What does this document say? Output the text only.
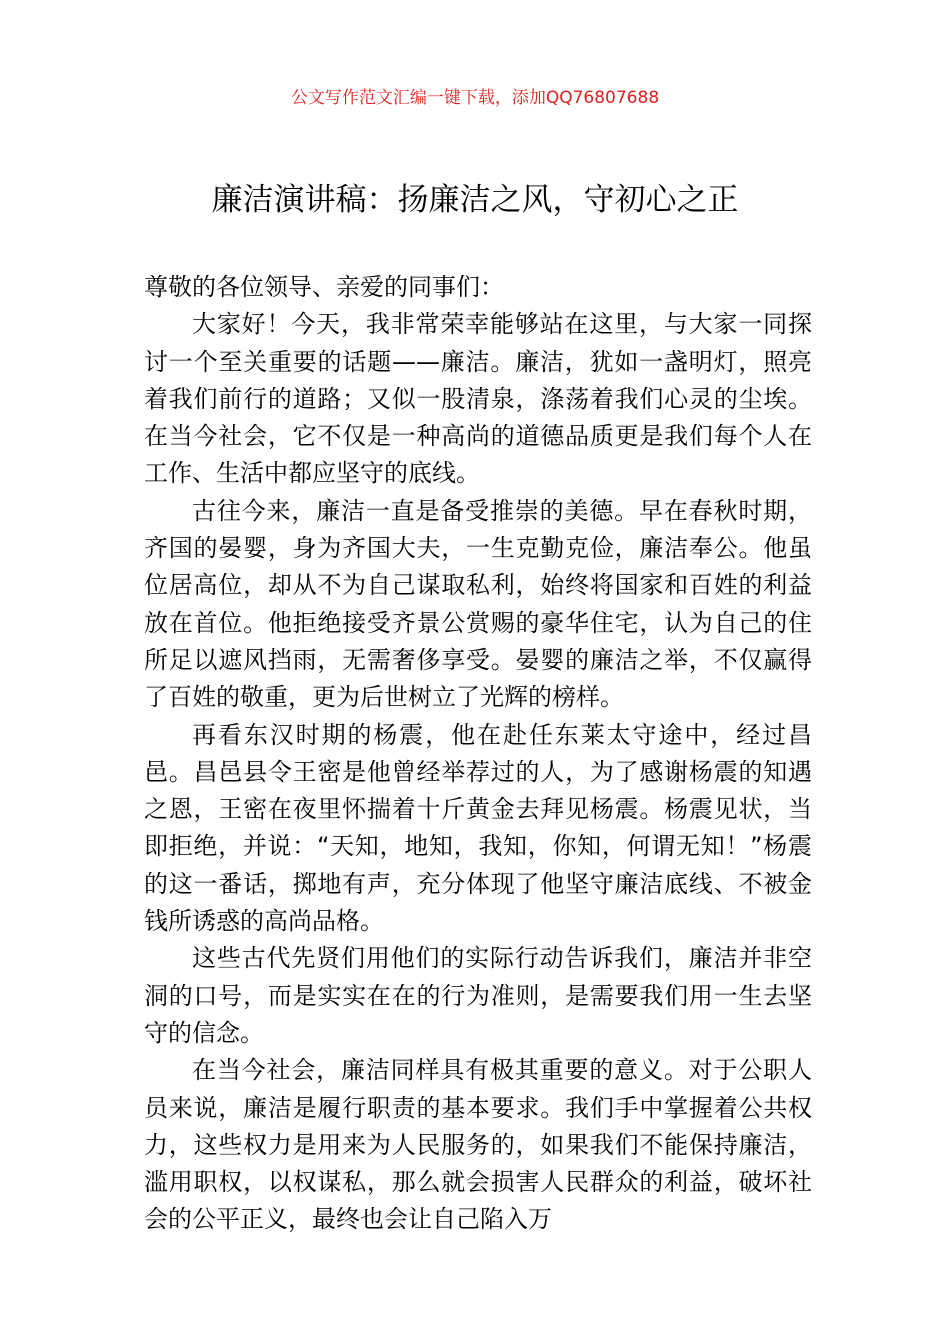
公文写作范文汇编一键下载，添加QQ76807688
廉洁演讲稿：扬廉洁之风，守初心之正

尊敬的各位领导、亲爱的同事们：

大家好！今天，我非常荣幸能够站在这里，与大家一同探讨一个至关重要的话题——廉洁。廉洁，犹如一盏明灯，照亮着我们前行的道路；又似一股清泉，涤荡着我们心灵的尘埃。在当今社会，它不仅是一种高尚的道德品质更是我们每个人在工作、生活中都应坚守的底线。

古往今来，廉洁一直是备受推崇的美德。早在春秋时期，齐国的晏婴，身为齐国大夫，一生克勤克俭，廉洁奉公。他虽位居高位，却从不为自己谋取私利，始终将国家和百姓的利益放在首位。他拒绝接受齐景公赏赐的豪华住宅，认为自己的住所足以遮风挡雨，无需奢侈享受。晏婴的廉洁之举，不仅赢得了百姓的敬重，更为后世树立了光辉的榜样。

再看东汉时期的杨震，他在赴任东莱太守途中，经过昌邑。昌邑县令王密是他曾经举荐过的人，为了感谢杨震的知遇之恩，王密在夜里怀揣着十斤黄金去拜见杨震。杨震见状，当即拒绝，并说：“天知，地知，我知，你知，何谓无知！”杨震的这一番话，掷地有声，充分体现了他坚守廉洁底线、不被金钱所诱惑的高尚品格。

这些古代先贤们用他们的实际行动告诉我们，廉洁并非空洞的口号，而是实实在在的行为准则，是需要我们用一生去坚守的信念。

在当今社会，廉洁同样具有极其重要的意义。对于公职人员来说，廉洁是履行职责的基本要求。我们手中掌握着公共权力，这些权力是用来为人民服务的，如果我们不能保持廉洁，滥用职权，以权谋私，那么就会损害人民群众的利益，破坏社会的公平正义，最终也会让自己陷入万
